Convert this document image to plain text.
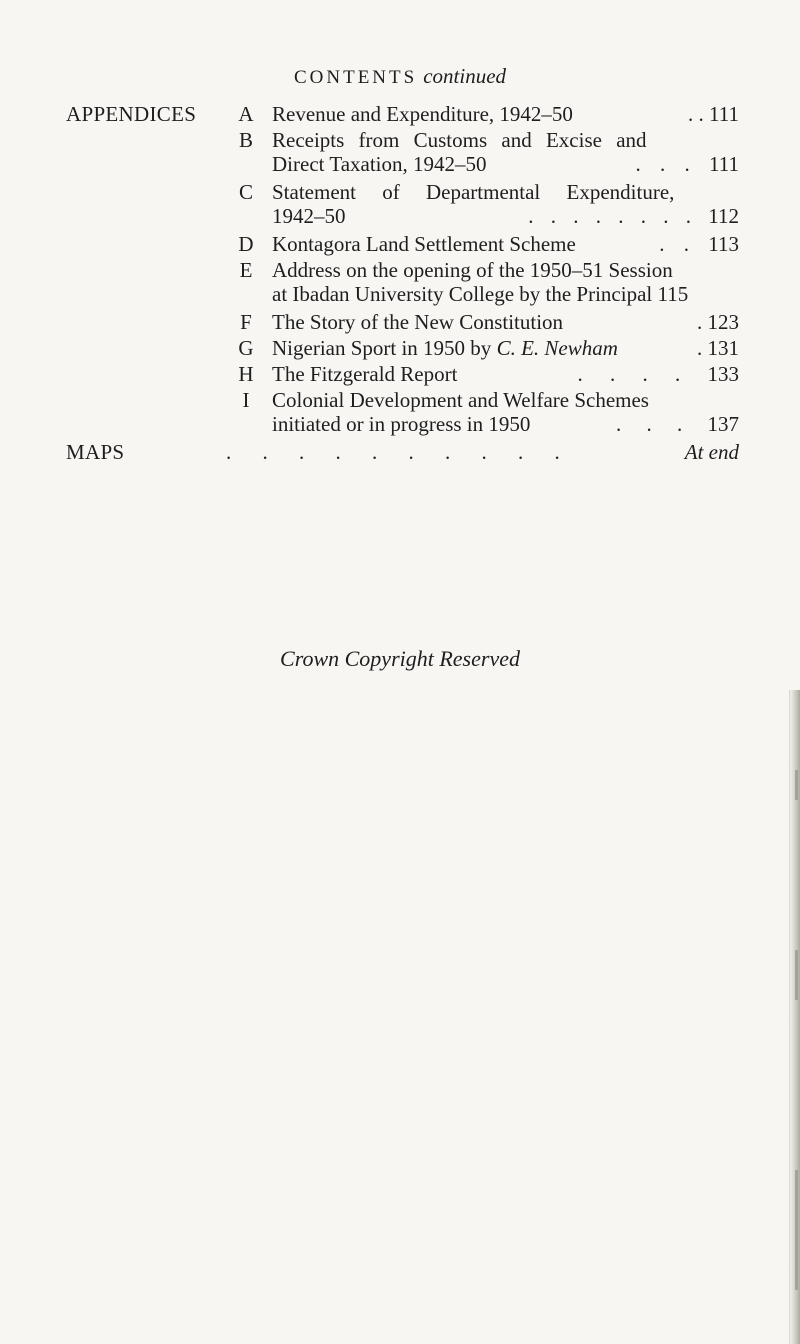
CONTENTS continued
APPENDICES	A Revenue and Expenditure, 1942–50	. . 111
B Receipts from Customs and Excise and
Direct Taxation, 1942–50	. . . 111
C Statement of Departmental Expenditure,
1942–50	. . . . . . . . 112
D Kontagora Land Settlement Scheme	. . 113
E Address on the opening of the 1950–51 Session
at Ibadan University College by the Principal 115
F The Story of the New Constitution	. 123
G Nigerian Sport in 1950 by C. E. Newham	. 131
H The Fitzgerald Report	. . . . 133
I	Colonial Development and Welfare Schemes
initiated or in progress in 1950	. . . 137
MAPS	. . . . . . . . . .	At end
Crown Copyright Reserved
